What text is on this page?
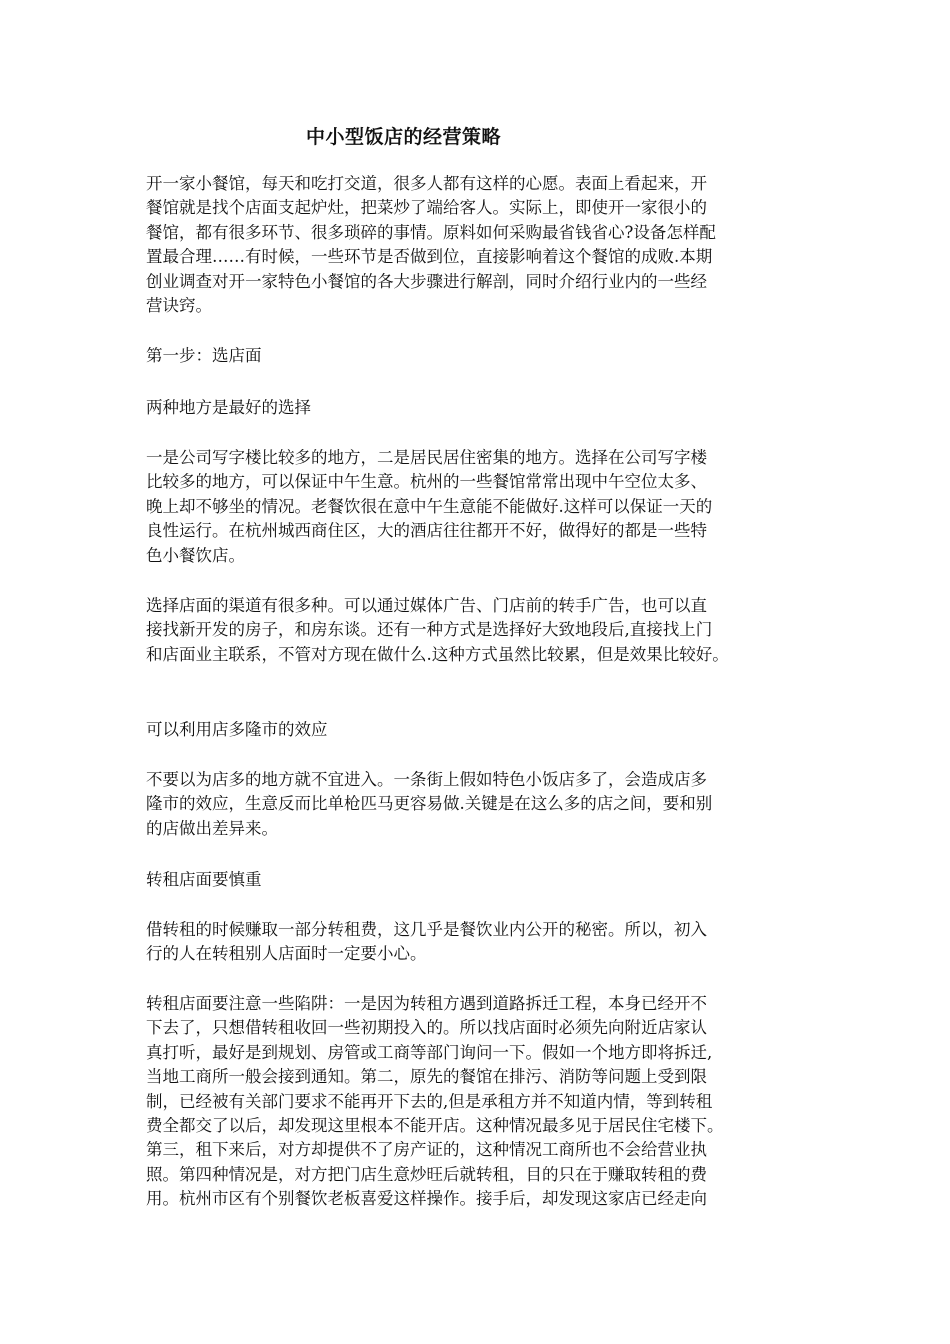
中小型饭店的经营策略
开一家小餐馆，每天和吃打交道，很多人都有这样的心愿。表面上看起来，开
餐馆就是找个店面支起炉灶，把菜炒了端给客人。实际上，即使开一家很小的
餐馆，都有很多环节、很多琐碎的事情。原料如何采购最省钱省心?设备怎样配
置最合理……有时候，一些环节是否做到位，直接影响着这个餐馆的成败.本期
创业调查对开一家特色小餐馆的各大步骤进行解剖，同时介绍行业内的一些经
营诀窍。
第一步：选店面
两种地方是最好的选择
一是公司写字楼比较多的地方，二是居民居住密集的地方。选择在公司写字楼
比较多的地方，可以保证中午生意。杭州的一些餐馆常常出现中午空位太多、
晚上却不够坐的情况。老餐饮很在意中午生意能不能做好.这样可以保证一天的
良性运行。在杭州城西商住区，大的酒店往往都开不好，做得好的都是一些特
色小餐饮店。
选择店面的渠道有很多种。可以通过媒体广告、门店前的转手广告，也可以直
接找新开发的房子，和房东谈。还有一种方式是选择好大致地段后,直接找上门
和店面业主联系，不管对方现在做什么.这种方式虽然比较累，但是效果比较好。
可以利用店多隆市的效应
不要以为店多的地方就不宜进入。一条街上假如特色小饭店多了，会造成店多
隆市的效应，生意反而比单枪匹马更容易做.关键是在这么多的店之间，要和别
的店做出差异来。
转租店面要慎重
借转租的时候赚取一部分转租费，这几乎是餐饮业内公开的秘密。所以，初入
行的人在转租别人店面时一定要小心。
转租店面要注意一些陷阱：一是因为转租方遇到道路拆迁工程，本身已经开不
下去了，只想借转租收回一些初期投入的。所以找店面时必须先向附近店家认
真打听，最好是到规划、房管或工商等部门询问一下。假如一个地方即将拆迁,
当地工商所一般会接到通知。第二，原先的餐馆在排污、消防等问题上受到限
制，已经被有关部门要求不能再开下去的,但是承租方并不知道内情，等到转租
费全都交了以后，却发现这里根本不能开店。这种情况最多见于居民住宅楼下。
第三，租下来后，对方却提供不了房产证的，这种情况工商所也不会给营业执
照。第四种情况是，对方把门店生意炒旺后就转租，目的只在于赚取转租的费
用。杭州市区有个别餐饮老板喜爱这样操作。接手后，却发现这家店已经走向
